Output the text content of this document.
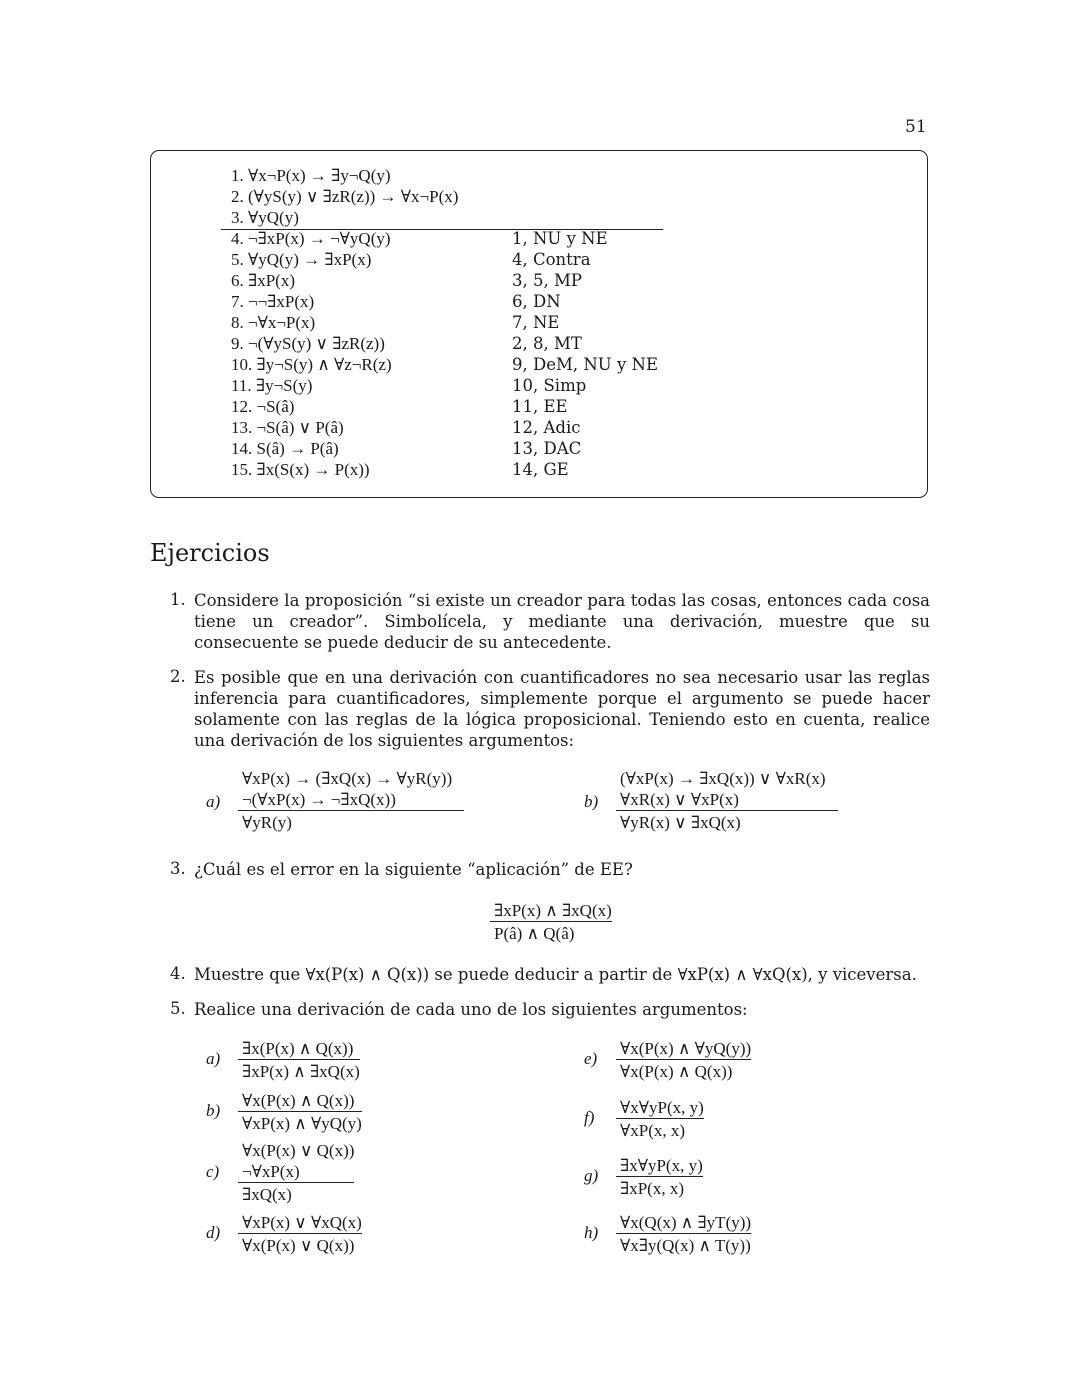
51
1. ∀x¬P(x) → ∃y¬Q(y)
2. (∀yS(y) ∨ ∃zR(z)) → ∀x¬P(x)
3. ∀yQ(y)
4. ¬∃xP(x) → ¬∀yQ(y)	1, NU y NE
5. ∀yQ(y) → ∃xP(x)	4, Contra
6. ∃xP(x)	3, 5, MP
7. ¬¬∃xP(x)	6, DN
8. ¬∀x¬P(x)	7, NE
9. ¬(∀yS(y) ∨ ∃zR(z))	2, 8, MT
10. ∃y¬S(y) ∧ ∀z¬R(z)	9, DeM, NU y NE
11. ∃y¬S(y)	10, Simp
12. ¬S(â)	11, EE
13. ¬S(â) ∨ P(â)	12, Adic
14. S(â) → P(â)	13, DAC
15. ∃x(S(x) → P(x))	14, GE
Ejercicios
1. Considere la proposición “si existe un creador para todas las cosas, entonces cada cosa tiene un creador”. Simbolícela, y mediante una derivación, muestre que su consecuente se puede deducir de su antecedente.

2. Es posible que en una derivación con cuantificadores no sea necesario usar las reglas inferencia para cuantificadores, simplemente porque el argumento se puede hacer solamente con las reglas de la lógica proposicional. Teniendo esto en cuenta, realice una derivación de los siguientes argumentos:

a)
∀xP(x) → (∃xQ(x) → ∀yR(y))
¬(∀xP(x) → ¬∃xQ(x))
∀yR(y)
b)
(∀xP(x) → ∃xQ(x)) ∨ ∀xR(x)
∀xR(x) ∨ ∀xP(x)
∀yR(x) ∨ ∃xQ(x)
3. ¿Cuál es el error en la siguiente “aplicación” de EE?

∃xP(x) ∧ ∃xQ(x)
P(â) ∧ Q(â)
4. Muestre que ∀x(P(x) ∧ Q(x)) se puede deducir a partir de ∀xP(x) ∧ ∀xQ(x), y viceversa.

5. Realice una derivación de cada uno de los siguientes argumentos:

a)
∃x(P(x) ∧ Q(x))
∃xP(x) ∧ ∃xQ(x)
b)
∀x(P(x) ∧ Q(x))
∀xP(x) ∧ ∀yQ(y)
c)
∀x(P(x) ∨ Q(x))
¬∀xP(x)
∃xQ(x)
d)
∀xP(x) ∨ ∀xQ(x)
∀x(P(x) ∨ Q(x))
e)
∀x(P(x) ∧ ∀yQ(y))
∀x(P(x) ∧ Q(x))
f)
∀x∀yP(x, y)
∀xP(x, x)
g)
∃x∀yP(x, y)
∃xP(x, x)
h)
∀x(Q(x) ∧ ∃yT(y))
∀x∃y(Q(x) ∧ T(y))
